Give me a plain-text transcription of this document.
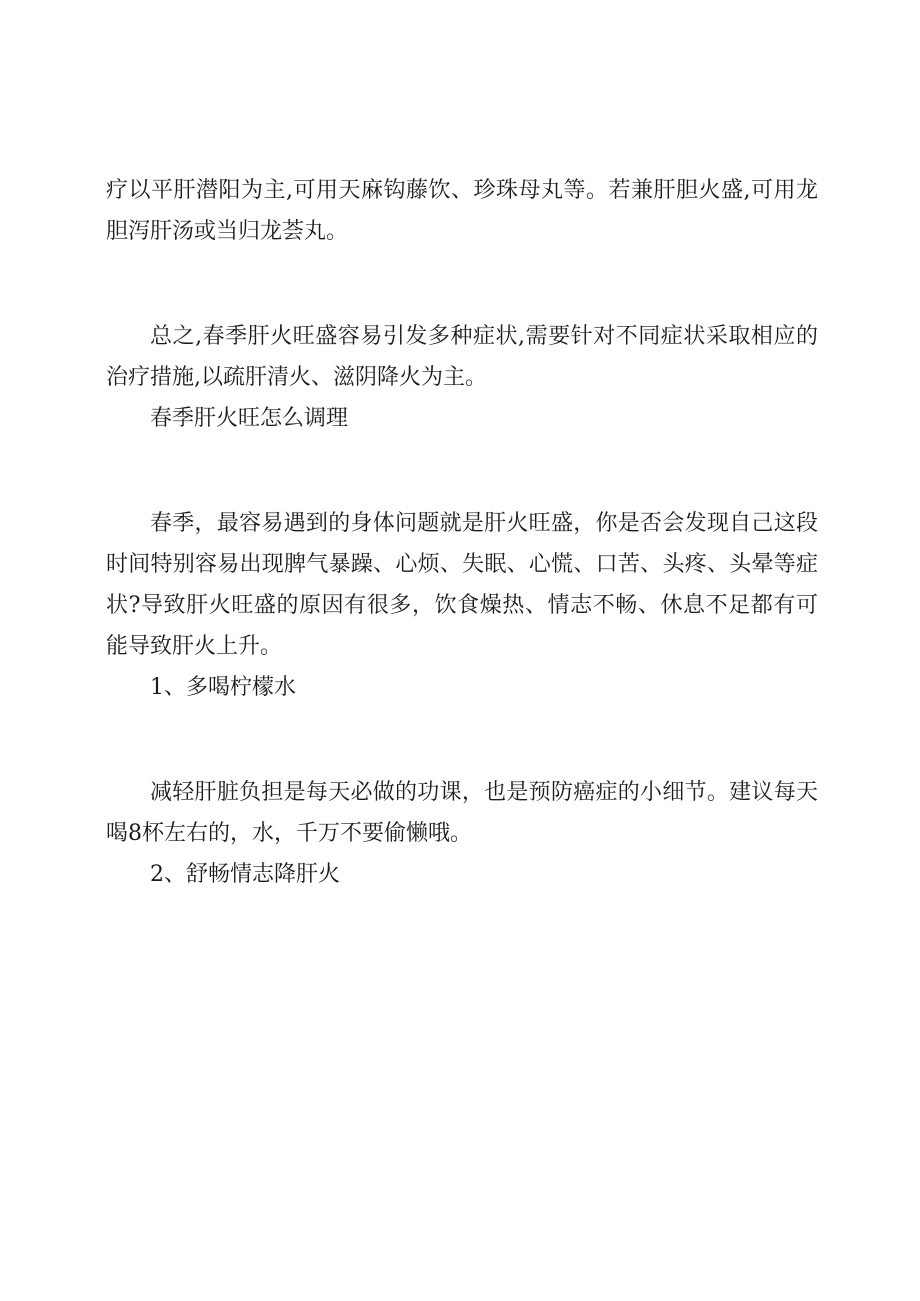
疗以平肝潜阳为主,可用天麻钩藤饮、珍珠母丸等。若兼肝胆火盛,可用龙胆泻肝汤或当归龙荟丸。

总之,春季肝火旺盛容易引发多种症状,需要针对不同症状采取相应的治疗措施,以疏肝清火、滋阴降火为主。

春季肝火旺怎么调理

春季，最容易遇到的身体问题就是肝火旺盛，你是否会发现自己这段时间特别容易出现脾气暴躁、心烦、失眠、心慌、口苦、头疼、头晕等症状?导致肝火旺盛的原因有很多，饮食燥热、情志不畅、休息不足都有可能导致肝火上升。

1、多喝柠檬水

减轻肝脏负担是每天必做的功课，也是预防癌症的小细节。建议每天喝8杯左右的，水，千万不要偷懒哦。

2、舒畅情志降肝火
